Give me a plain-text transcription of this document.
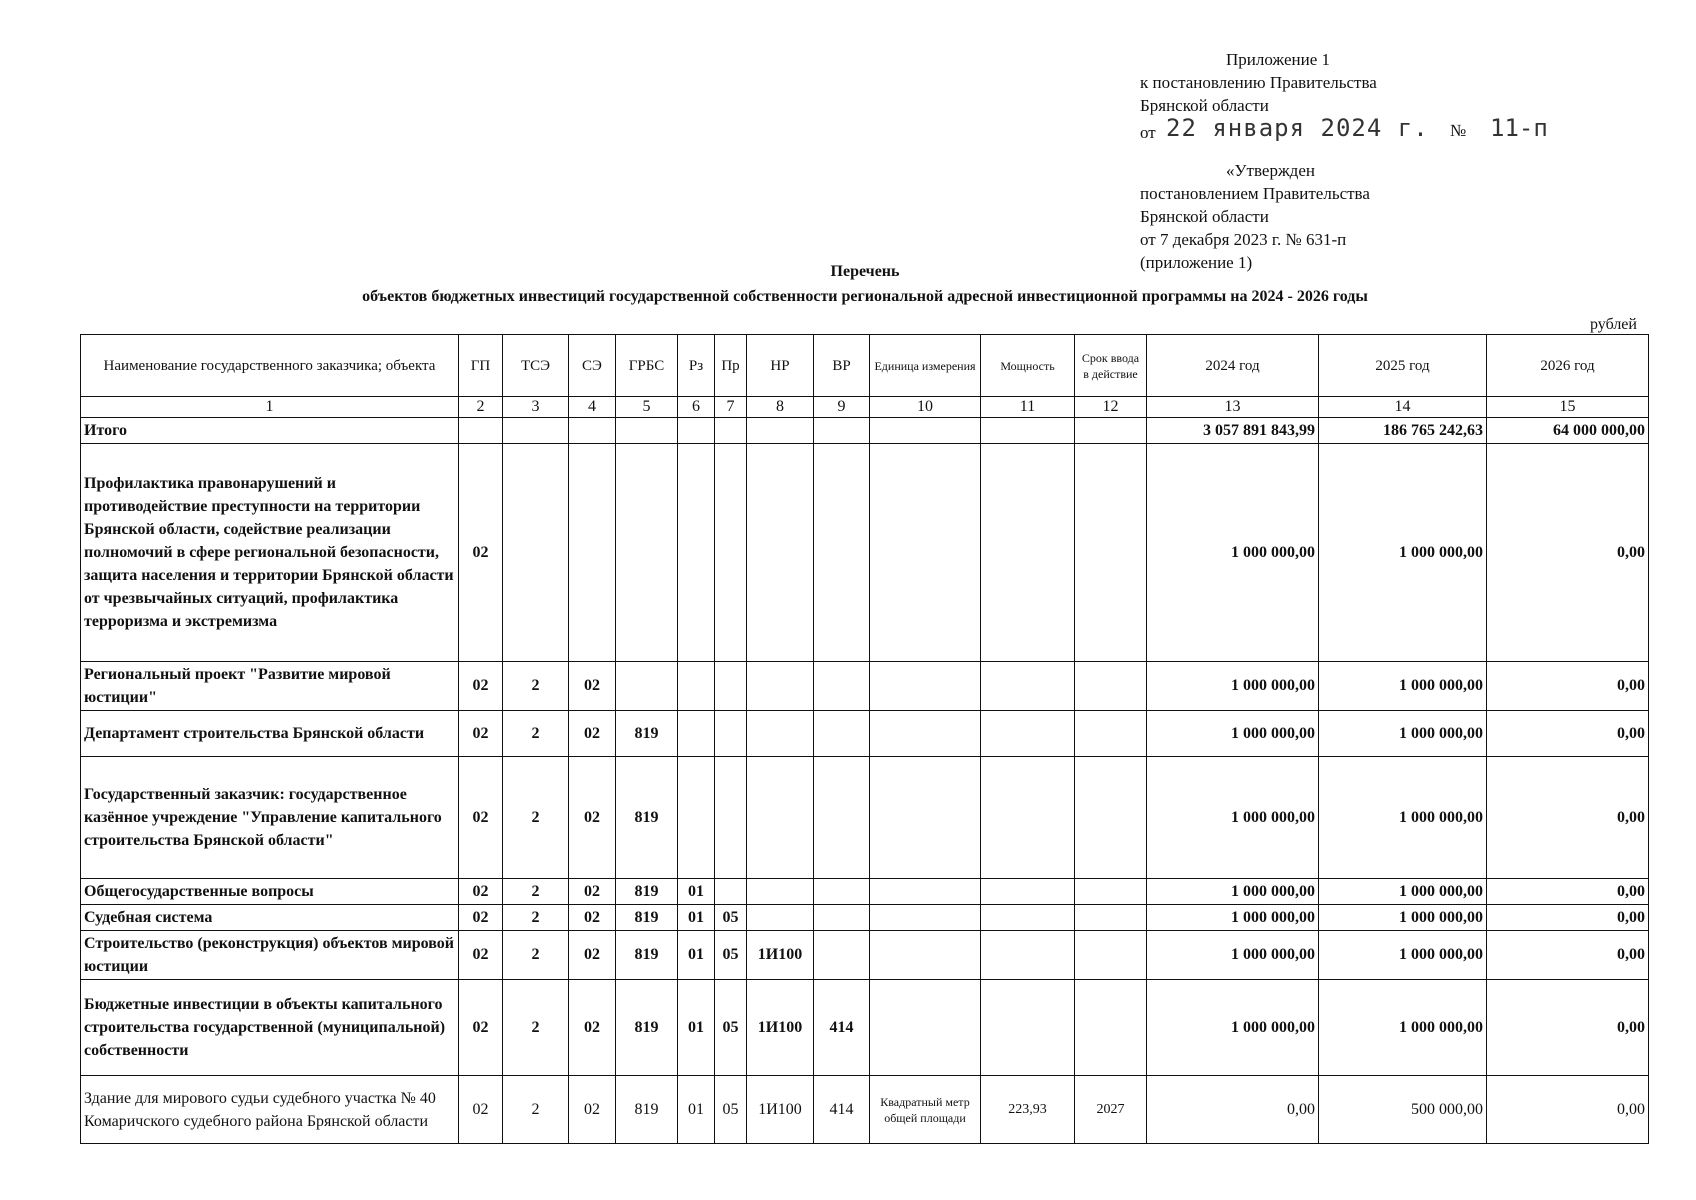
Приложение 1
к постановлению Правительства
Брянской области
от 22 января 2024 г. № 11-п
«Утвержден
постановлением Правительства
Брянской области
от 7 декабря 2023 г. № 631-п
(приложение 1)
Перечень
объектов бюджетных инвестиций государственной собственности региональной адресной инвестиционной программы на 2024 - 2026 годы
рублей
Наименование государственного заказчика; объекта	ГП	ТСЭ	СЭ	ГРБС	Рз	Пр	НР	ВР	Единица измерения	Мощность	Срок ввода в действие	2024 год	2025 год	2026 год
1	2	3	4	5	6	7	8	9	10	11	12	13	14	15
Итого												3 057 891 843,99	186 765 242,63	64 000 000,00
Профилактика правонарушений и противодействие преступности на территории Брянской области, содействие реализации полномочий в сфере региональной безопасности, защита населения и территории Брянской области от чрезвычайных ситуаций, профилактика терроризма и экстремизма	02											1 000 000,00	1 000 000,00	0,00
Региональный проект "Развитие мировой юстиции"	02	2	02									1 000 000,00	1 000 000,00	0,00
Департамент строительства Брянской области	02	2	02	819								1 000 000,00	1 000 000,00	0,00
Государственный заказчик: государственное казённое учреждение "Управление капитального строительства Брянской области"	02	2	02	819								1 000 000,00	1 000 000,00	0,00
Общегосударственные вопросы	02	2	02	819	01							1 000 000,00	1 000 000,00	0,00
Судебная система	02	2	02	819	01	05						1 000 000,00	1 000 000,00	0,00
Строительство (реконструкция) объектов мировой юстиции	02	2	02	819	01	05	1И100					1 000 000,00	1 000 000,00	0,00
Бюджетные инвестиции в объекты капитального строительства государственной (муниципальной) собственности	02	2	02	819	01	05	1И100	414				1 000 000,00	1 000 000,00	0,00
Здание для мирового судьи судебного участка № 40 Комаричского судебного района Брянской области	02	2	02	819	01	05	1И100	414	Квадратный метр общей площади	223,93	2027	0,00	500 000,00	0,00
